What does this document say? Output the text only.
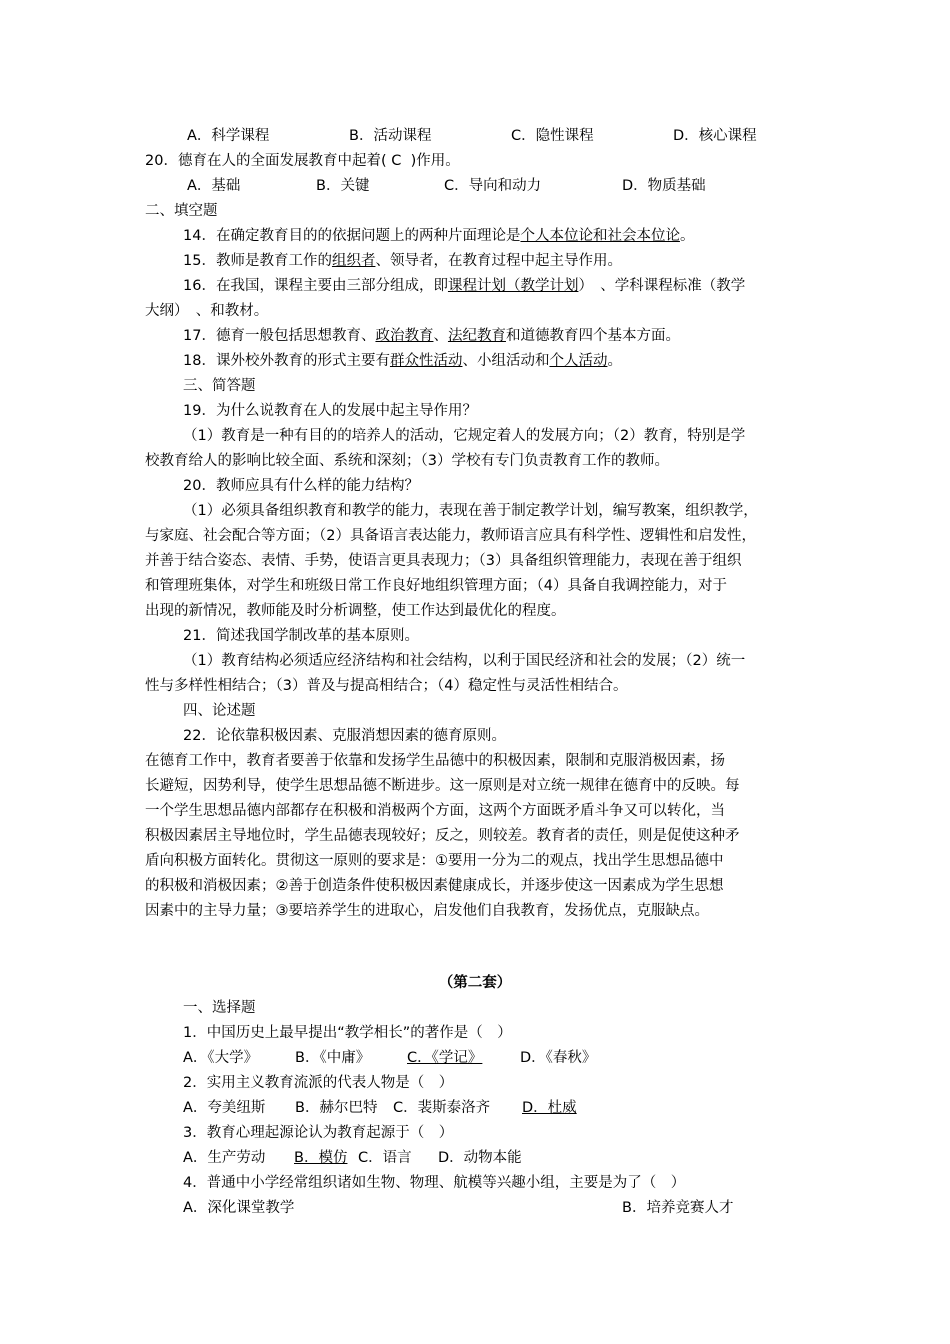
A．科学课程	B．活动课程	C．隐性课程	D．核心课程
20．德育在人的全面发展教育中起着( C )作用。
A．基础	B．关键	C．导向和动力	D．物质基础
二、填空题
14．在确定教育目的的依据问题上的两种片面理论是个人本位论和社会本位论。
15．教师是教育工作的组织者、领导者，在教育过程中起主导作用。
16．在我国，课程主要由三部分组成，即课程计划（教学计划）　、学科课程标准（教学
大纲）　、和教材。
17．德育一般包括思想教育、政治教育、法纪教育和道德教育四个基本方面。
18．课外校外教育的形式主要有群众性活动、小组活动和个人活动。
三、简答题
19．为什么说教育在人的发展中起主导作用？
（1）教育是一种有目的的培养人的活动，它规定着人的发展方向；（2）教育，特别是学
校教育给人的影响比较全面、系统和深刻；（3）学校有专门负责教育工作的教师。
20．教师应具有什么样的能力结构？
（1）必须具备组织教育和教学的能力，表现在善于制定教学计划，编写教案，组织教学，
与家庭、社会配合等方面；（2）具备语言表达能力，教师语言应具有科学性、逻辑性和启发性，
并善于结合姿态、表情、手势，使语言更具表现力；（3）具备组织管理能力，表现在善于组织
和管理班集体，对学生和班级日常工作良好地组织管理方面；（4）具备自我调控能力，对于
出现的新情况，教师能及时分析调整，使工作达到最优化的程度。
21．简述我国学制改革的基本原则。
（1）教育结构必须适应经济结构和社会结构，以利于国民经济和社会的发展；（2）统一
性与多样性相结合；（3）普及与提高相结合；（4）稳定性与灵活性相结合。
四、论述题
22．论依靠积极因素、克服消想因素的德育原则。
在德育工作中，教育者要善于依靠和发扬学生品德中的积极因素，限制和克服消极因素，扬
长避短，因势利导，使学生思想品德不断进步。这一原则是对立统一规律在德育中的反映。每
一个学生思想品德内部都存在积极和消极两个方面，这两个方面既矛盾斗争又可以转化，当
积极因素居主导地位时，学生品德表现较好；反之，则较差。教育者的责任，则是促使这种矛
盾向积极方面转化。贯彻这一原则的要求是：①要用一分为二的观点，找出学生思想品德中
的积极和消极因素；②善于创造条件使积极因素健康成长，并逐步使这一因素成为学生思想
因素中的主导力量；③要培养学生的进取心，启发他们自我教育，发扬优点，克服缺点。
（第二套）
一、选择题
1．中国历史上最早提出“教学相长”的著作是（　）
A．《大学》	B．《中庸》	C．《学记》	D．《春秋》
2．实用主义教育流派的代表人物是（　）
A．夸美纽斯 B．赫尔巴特 C．裴斯泰洛齐 D．杜威
3．教育心理起源论认为教育起源于（　）
A．生产劳动 B．模仿 C．语言 D．动物本能
4．普通中小学经常组织诸如生物、物理、航模等兴趣小组，主要是为了（　）
A．深化课堂教学	B．培养竞赛人才
